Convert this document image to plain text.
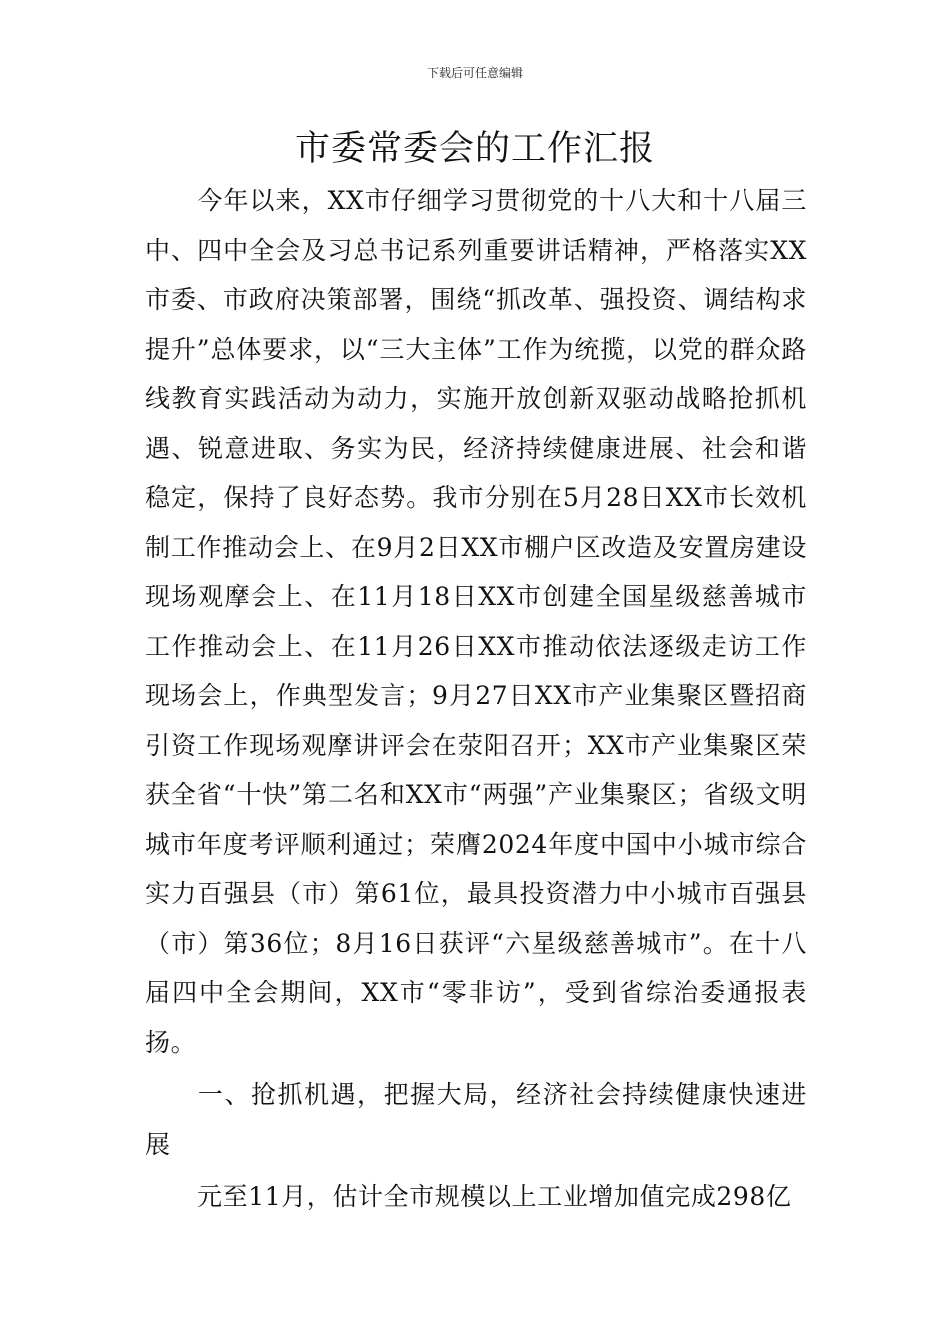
下载后可任意编辑
市委常委会的工作汇报

今年以来，XX市仔细学习贯彻党的十八大和十八届三中、四中全会及习总书记系列重要讲话精神，严格落实XX市委、市政府决策部署，围绕“抓改革、强投资、调结构求提升”总体要求，以“三大主体”工作为统揽，以党的群众路线教育实践活动为动力，实施开放创新双驱动战略抢抓机遇、锐意进取、务实为民，经济持续健康进展、社会和谐稳定，保持了良好态势。我市分别在5月28日XX市长效机制工作推动会上、在9月2日XX市棚户区改造及安置房建设现场观摩会上、在11月18日XX市创建全国星级慈善城市工作推动会上、在11月26日XX市推动依法逐级走访工作现场会上，作典型发言；9月27日XX市产业集聚区暨招商引资工作现场观摩讲评会在荥阳召开；XX市产业集聚区荣获全省“十快”第二名和XX市“两强”产业集聚区；省级文明城市年度考评顺利通过；荣膺2024年度中国中小城市综合实力百强县（市）第61位，最具投资潜力中小城市百强县（市）第36位；8月16日获评“六星级慈善城市”。在十八届四中全会期间，XX市“零非访”，受到省综治委通报表扬。

一、抢抓机遇，把握大局，经济社会持续健康快速进展

元至11月，估计全市规模以上工业增加值完成298亿
